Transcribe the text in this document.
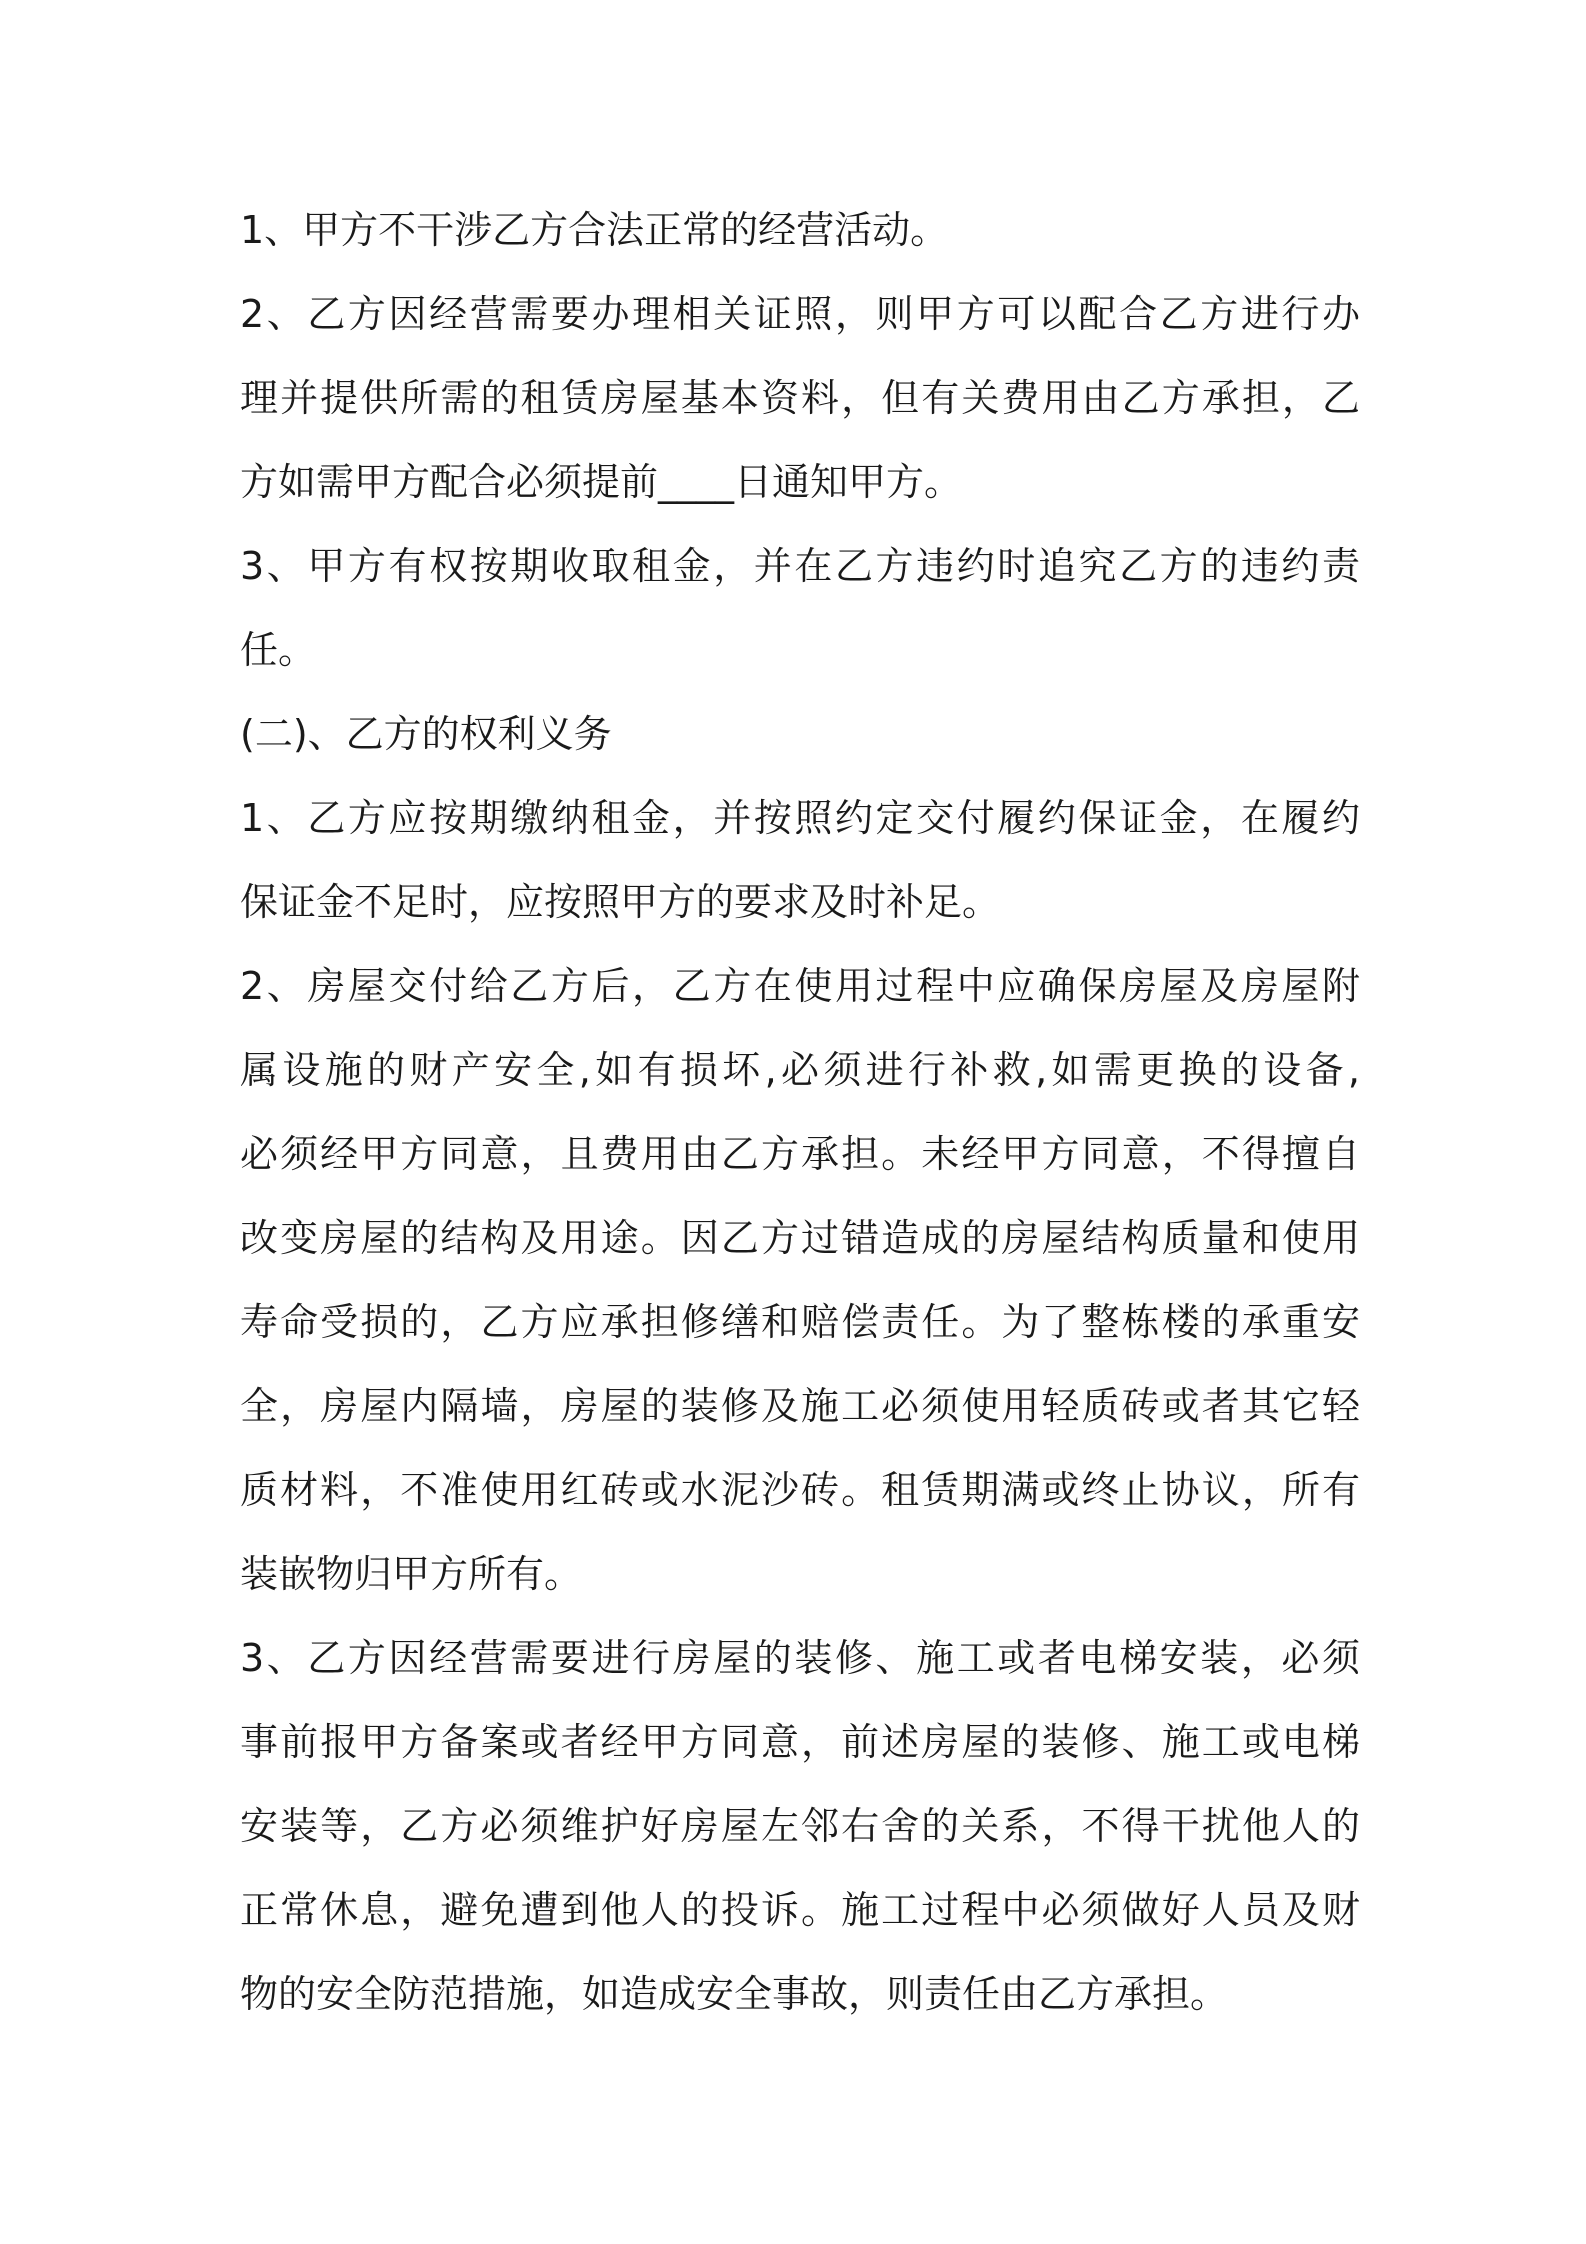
1、甲方不干涉乙方合法正常的经营活动。
2、乙方因经营需要办理相关证照，则甲方可以配合乙方进行办
理并提供所需的租赁房屋基本资料，但有关费用由乙方承担，乙
方如需甲方配合必须提前____日通知甲方。
3、甲方有权按期收取租金，并在乙方违约时追究乙方的违约责
任。
(二)、乙方的权利义务
1、乙方应按期缴纳租金，并按照约定交付履约保证金，在履约
保证金不足时，应按照甲方的要求及时补足。
2、房屋交付给乙方后，乙方在使用过程中应确保房屋及房屋附
属设施的财产安全,如有损坏,必须进行补救,如需更换的设备,
必须经甲方同意，且费用由乙方承担。未经甲方同意，不得擅自
改变房屋的结构及用途。因乙方过错造成的房屋结构质量和使用
寿命受损的，乙方应承担修缮和赔偿责任。为了整栋楼的承重安
全，房屋内隔墙，房屋的装修及施工必须使用轻质砖或者其它轻
质材料，不准使用红砖或水泥沙砖。租赁期满或终止协议，所有
装嵌物归甲方所有。
3、乙方因经营需要进行房屋的装修、施工或者电梯安装，必须
事前报甲方备案或者经甲方同意，前述房屋的装修、施工或电梯
安装等，乙方必须维护好房屋左邻右舍的关系，不得干扰他人的
正常休息，避免遭到他人的投诉。施工过程中必须做好人员及财
物的安全防范措施，如造成安全事故，则责任由乙方承担。
